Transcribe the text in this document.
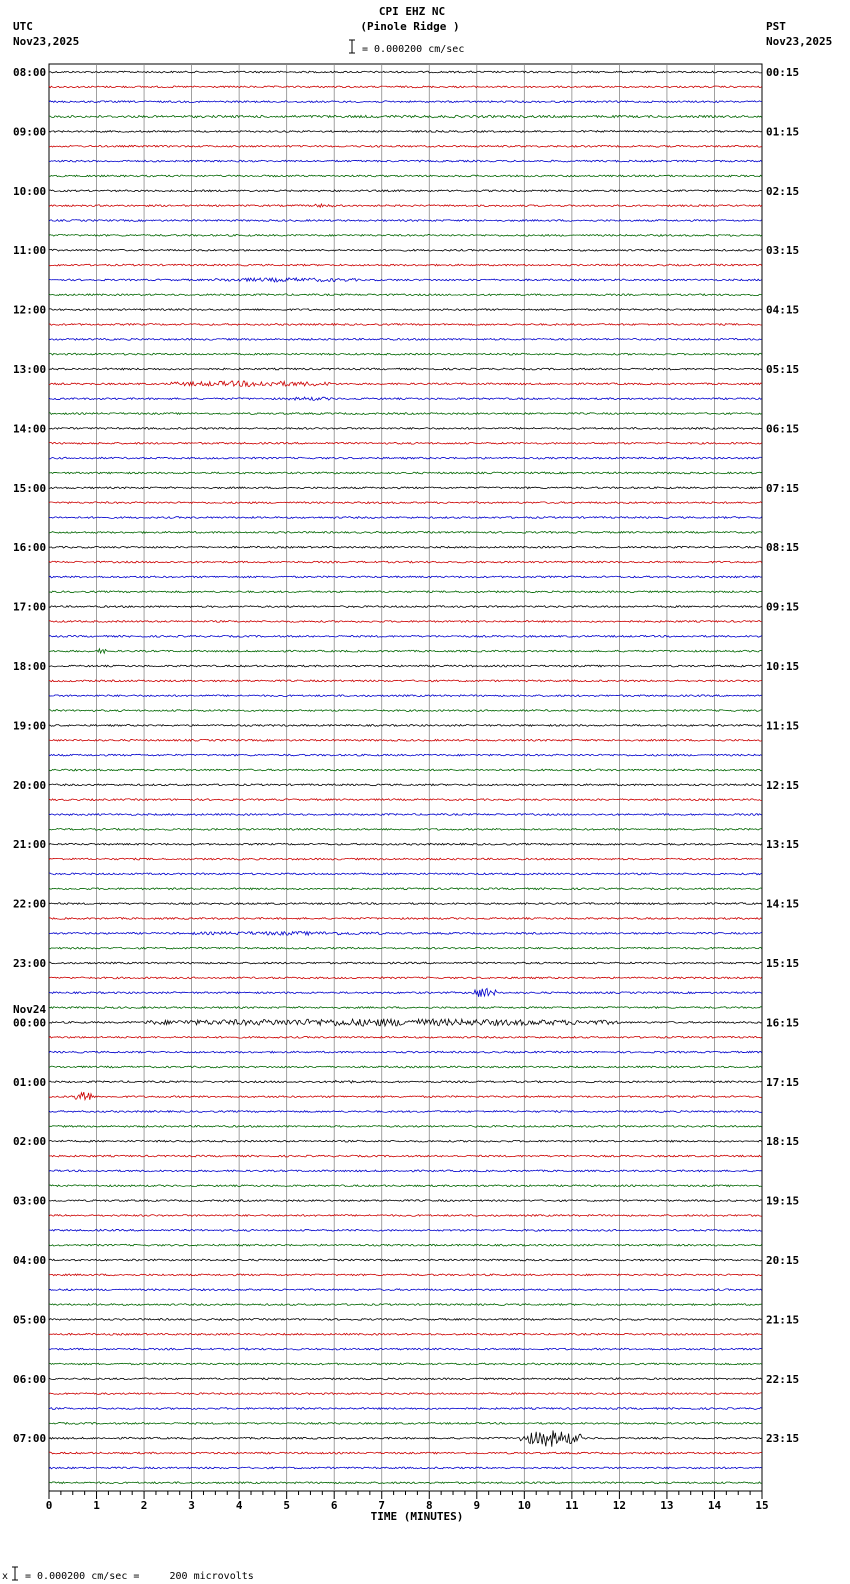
CPI EHZ NC
(Pinole Ridge )
= 0.000200 cm/sec
UTC
Nov23,2025
PST
Nov23,2025
08:00
09:00
10:00
11:00
12:00
13:00
14:00
15:00
16:00
17:00
18:00
19:00
20:00
21:00
22:00
23:00
00:00
01:00
02:00
03:00
04:00
05:00
06:00
07:00
00:15
01:15
02:15
03:15
04:15
05:15
06:15
07:15
08:15
09:15
10:15
11:15
12:15
13:15
14:15
15:15
16:15
17:15
18:15
19:15
20:15
21:15
22:15
23:15
Nov24
0	1	2	3	4	5	6	7	8	9	10	11	12	13	14	15
TIME (MINUTES)
x = 0.000200 cm/sec =     200 microvolts
